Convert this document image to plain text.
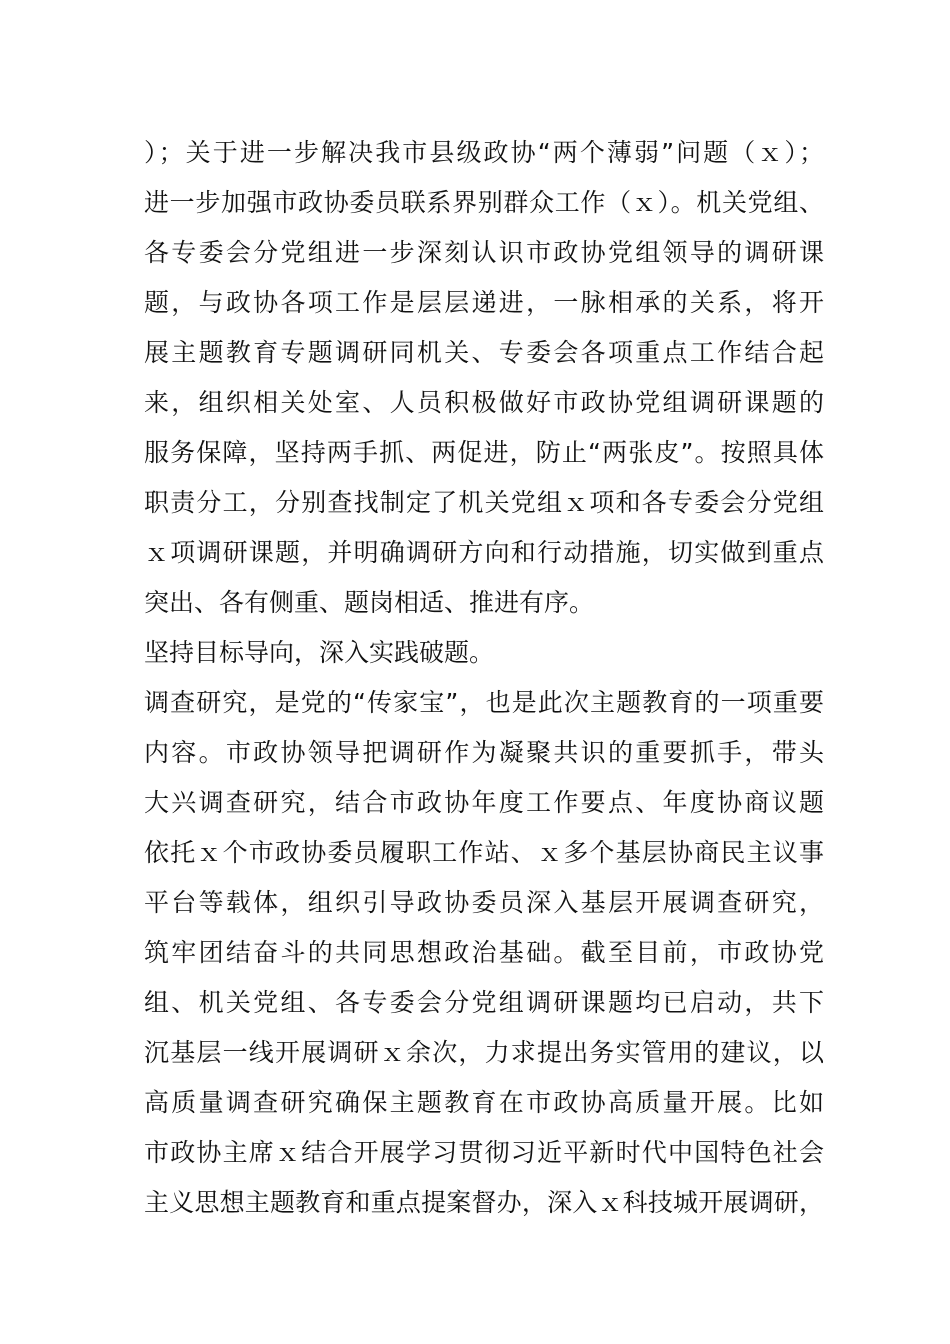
）；关于进一步解决我市县级政协“两个薄弱”问题（ｘ）；
进一步加强市政协委员联系界别群众工作（ｘ）。机关党组、
各专委会分党组进一步深刻认识市政协党组领导的调研课
题，与政协各项工作是层层递进，一脉相承的关系，将开
展主题教育专题调研同机关、专委会各项重点工作结合起
来，组织相关处室、人员积极做好市政协党组调研课题的
服务保障，坚持两手抓、两促进，防止“两张皮”。按照具体
职责分工，分别查找制定了机关党组ｘ项和各专委会分党组
ｘ项调研课题，并明确调研方向和行动措施，切实做到重点
突出、各有侧重、题岗相适、推进有序。
坚持目标导向，深入实践破题。
调查研究，是党的“传家宝”，也是此次主题教育的一项重要
内容。市政协领导把调研作为凝聚共识的重要抓手，带头
大兴调查研究，结合市政协年度工作要点、年度协商议题
依托ｘ个市政协委员履职工作站、ｘ多个基层协商民主议事
平台等载体，组织引导政协委员深入基层开展调查研究，
筑牢团结奋斗的共同思想政治基础。截至目前，市政协党
组、机关党组、各专委会分党组调研课题均已启动，共下
沉基层一线开展调研ｘ余次，力求提出务实管用的建议，以
高质量调查研究确保主题教育在市政协高质量开展。比如
市政协主席ｘ结合开展学习贯彻习近平新时代中国特色社会
主义思想主题教育和重点提案督办，深入ｘ科技城开展调研，
